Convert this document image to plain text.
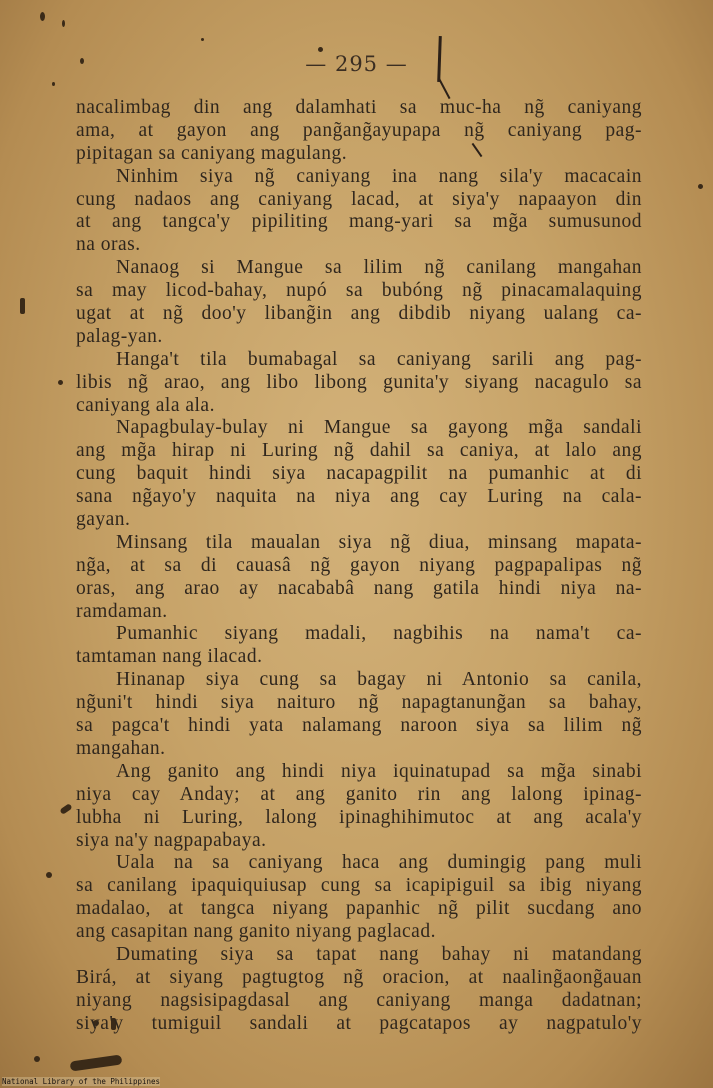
— 295 —
nacalimbag din ang dalamhati sa muc-ha ng̃ caniyang
ama, at gayon ang pang̃ang̃ayupapa ng̃ caniyang pag-
pipitagan sa caniyang magulang.
Ninhim siya ng̃ caniyang ina nang sila'y macacain
cung nadaos ang caniyang lacad, at siya'y napaayon din
at ang tangca'y pipiliting mang-yari sa mg̃a sumusunod
na oras.
Nanaog si Mangue sa lilim ng̃ canilang mangahan
sa may licod-bahay, nupó sa bubóng ng̃ pinacamalaquing
ugat at ng̃ doo'y libang̃in ang dibdib niyang ualang ca-
palag-yan.
Hanga't tila bumabagal sa caniyang sarili ang pag-
libis ng̃ arao, ang libo libong gunita'y siyang nacagulo sa
caniyang ala ala.
Napagbulay-bulay ni Mangue sa gayong mg̃a sandali
ang mg̃a hirap ni Luring ng̃ dahil sa caniya, at lalo ang
cung baquit hindi siya nacapagpilit na pumanhic at di
sana ng̃ayo'y naquita na niya ang cay Luring na cala-
gayan.
Minsang tila maualan siya ng̃ diua, minsang mapata-
ng̃a, at sa di cauasâ ng̃ gayon niyang pagpapalipas ng̃
oras, ang arao ay nacababâ nang gatila hindi niya na-
ramdaman.
Pumanhic siyang madali, nagbihis na nama't ca-
tamtaman nang ilacad.
Hinanap siya cung sa bagay ni Antonio sa canila,
ng̃uni't hindi siya naituro ng̃ napagtanung̃an sa bahay,
sa pagca't hindi yata nalamang naroon siya sa lilim ng̃
mangahan.
Ang ganito ang hindi niya iquinatupad sa mg̃a sinabi
niya cay Anday; at ang ganito rin ang lalong ipinag-
lubha ni Luring, lalong ipinaghihimutoc at ang acala'y
siya na'y nagpapabaya.
Uala na sa caniyang haca ang dumingig pang muli
sa canilang ipaquiquiusap cung sa icapipiguil sa ibig niyang
madalao, at tangca niyang papanhic ng̃ pilit sucdang ano
ang casapitan nang ganito niyang paglacad.
Dumating siya sa tapat nang bahay ni matandang
Birá, at siyang pagtugtog ng̃ oracion, at naaling̃aong̃auan
niyang nagsisipagdasal ang caniyang manga dadatnan;
siya'y tumiguil sandali at pagcatapos ay nagpatulo'y
National Library of the Philippines
